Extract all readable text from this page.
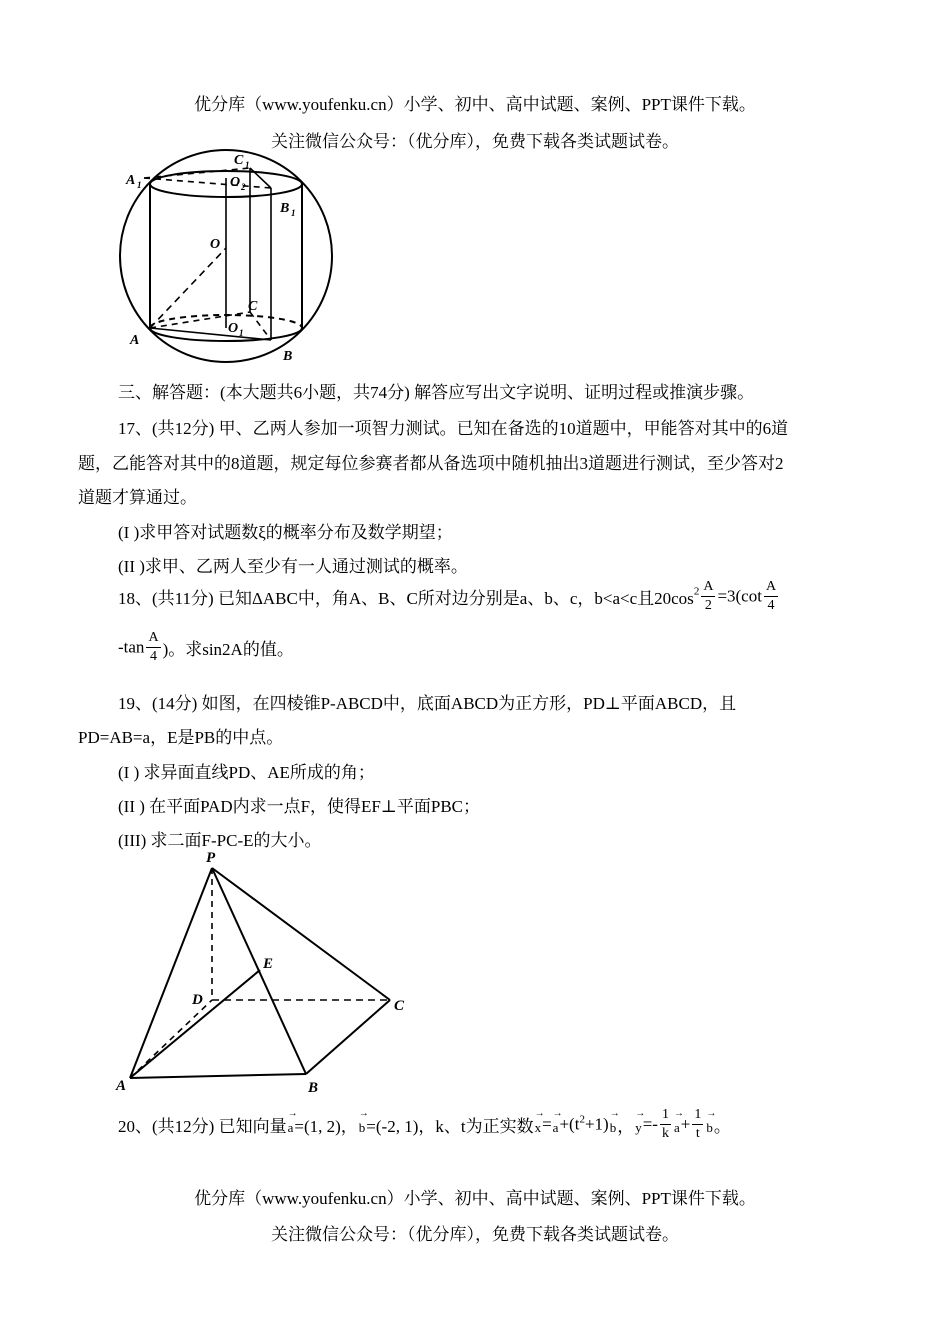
优分库（www.youfenku.cn）小学、初中、高中试题、案例、PPT课件下载。
关注微信公众号：（优分库），免费下载各类试题试卷。
A 1
C 1
O 2
B 1
O
C
O 1
A
B
三、解答题：(本大题共6小题，共74分) 解答应写出文字说明、证明过程或推演步骤。
17、(共12分) 甲、乙两人参加一项智力测试。已知在备选的10道题中，甲能答对其中的6道
题，乙能答对其中的8道题，规定每位参赛者都从备选项中随机抽出3道题进行测试，至少答对2
道题才算通过。
(I )求甲答对试题数ξ的概率分布及数学期望；
(II )求甲、乙两人至少有一人通过测试的概率。
18、(共11分) 已知ΔABC中，角A、B、C所对边分别是a、b、c，b<a<c且$20\cos^2 \frac{A}{2} =3(\cot \frac{A}{4}$
$-\tan \frac{A}{4}$ )。求sin2A的值。
19、(14分) 如图，在四棱锥P-ABCD中，底面ABCD为正方形，PD⊥平面ABCD，且
PD=AB=a，E是PB的中点。
(I ) 求异面直线PD、AE所成的角；
(II ) 在平面PAD内求一点F，使得EF⊥平面PBC；
(III) 求二面F-PC-E的大小。
P
E
D	C
A	B
20、(共12分) 已知向量→ a=(1, 2)，→ b=(-2, 1)，k、t为正实数→ $x=\to a+(t^2+1)\to b$，→ $y=- \frac{1}{k}$
→ $a+ \frac{1}{t}$
→ b。
优分库（www.youfenku.cn）小学、初中、高中试题、案例、PPT课件下载。
关注微信公众号：（优分库），免费下载各类试题试卷。
